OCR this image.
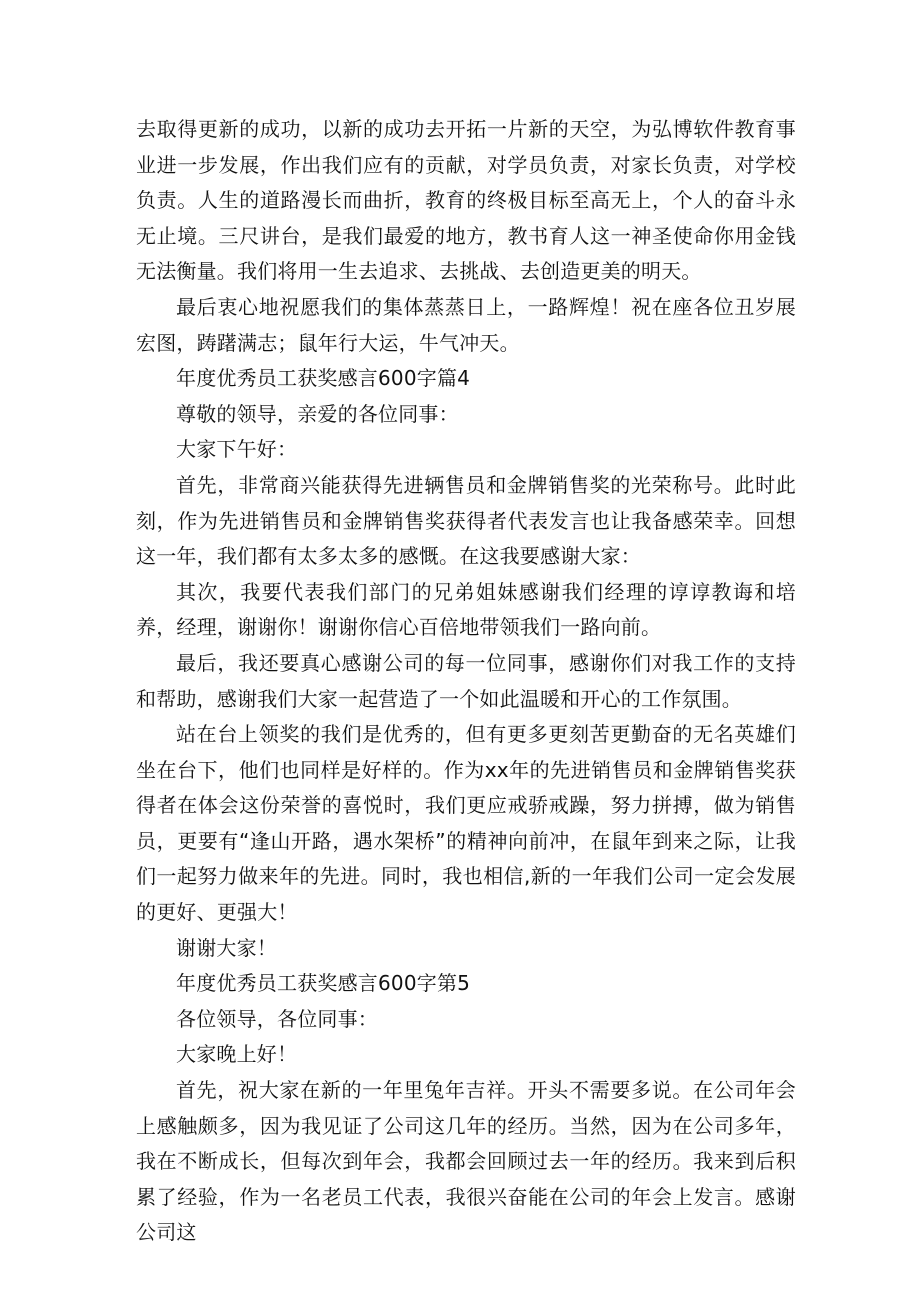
去取得更新的成功，以新的成功去开拓一片新的天空，为弘博软件教育事业进一步发展，作出我们应有的贡献，对学员负责，对家长负责，对学校负责。人生的道路漫长而曲折，教育的终极目标至高无上，个人的奋斗永无止境。三尺讲台，是我们最爱的地方，教书育人这一神圣使命你用金钱无法衡量。我们将用一生去追求、去挑战、去创造更美的明天。

最后衷心地祝愿我们的集体蒸蒸日上，一路辉煌！祝在座各位丑岁展宏图，踌躇满志；鼠年行大运，牛气冲天。

年度优秀员工获奖感言600字篇4

尊敬的领导，亲爱的各位同事：

大家下午好：

首先，非常商兴能获得先进辆售员和金牌销售奖的光荣称号。此时此刻，作为先进销售员和金牌销售奖获得者代表发言也让我备感荣幸。回想这一年，我们都有太多太多的感慨。在这我要感谢大家：

其次，我要代表我们部门的兄弟姐妹感谢我们经理的谆谆教诲和培养，经理，谢谢你！谢谢你信心百倍地带领我们一路向前。

最后，我还要真心感谢公司的每一位同事，感谢你们对我工作的支持和帮助，感谢我们大家一起营造了一个如此温暖和开心的工作氛围。

站在台上领奖的我们是优秀的，但有更多更刻苦更勤奋的无名英雄们坐在台下，他们也同样是好样的。作为xx年的先进销售员和金牌销售奖获得者在体会这份荣誉的喜悦时，我们更应戒骄戒躁，努力拼搏，做为销售员，更要有“逢山开路，遇水架桥”的精神向前冲，在鼠年到来之际，让我们一起努力做来年的先进。同时，我也相信,新的一年我们公司一定会发展的更好、更强大！

谢谢大家！

年度优秀员工获奖感言600字第5

各位领导，各位同事：

大家晚上好！

首先，祝大家在新的一年里兔年吉祥。开头不需要多说。在公司年会上感触颇多，因为我见证了公司这几年的经历。当然，因为在公司多年，我在不断成长，但每次到年会，我都会回顾过去一年的经历。我来到后积累了经验，作为一名老员工代表，我很兴奋能在公司的年会上发言。感谢公司这
